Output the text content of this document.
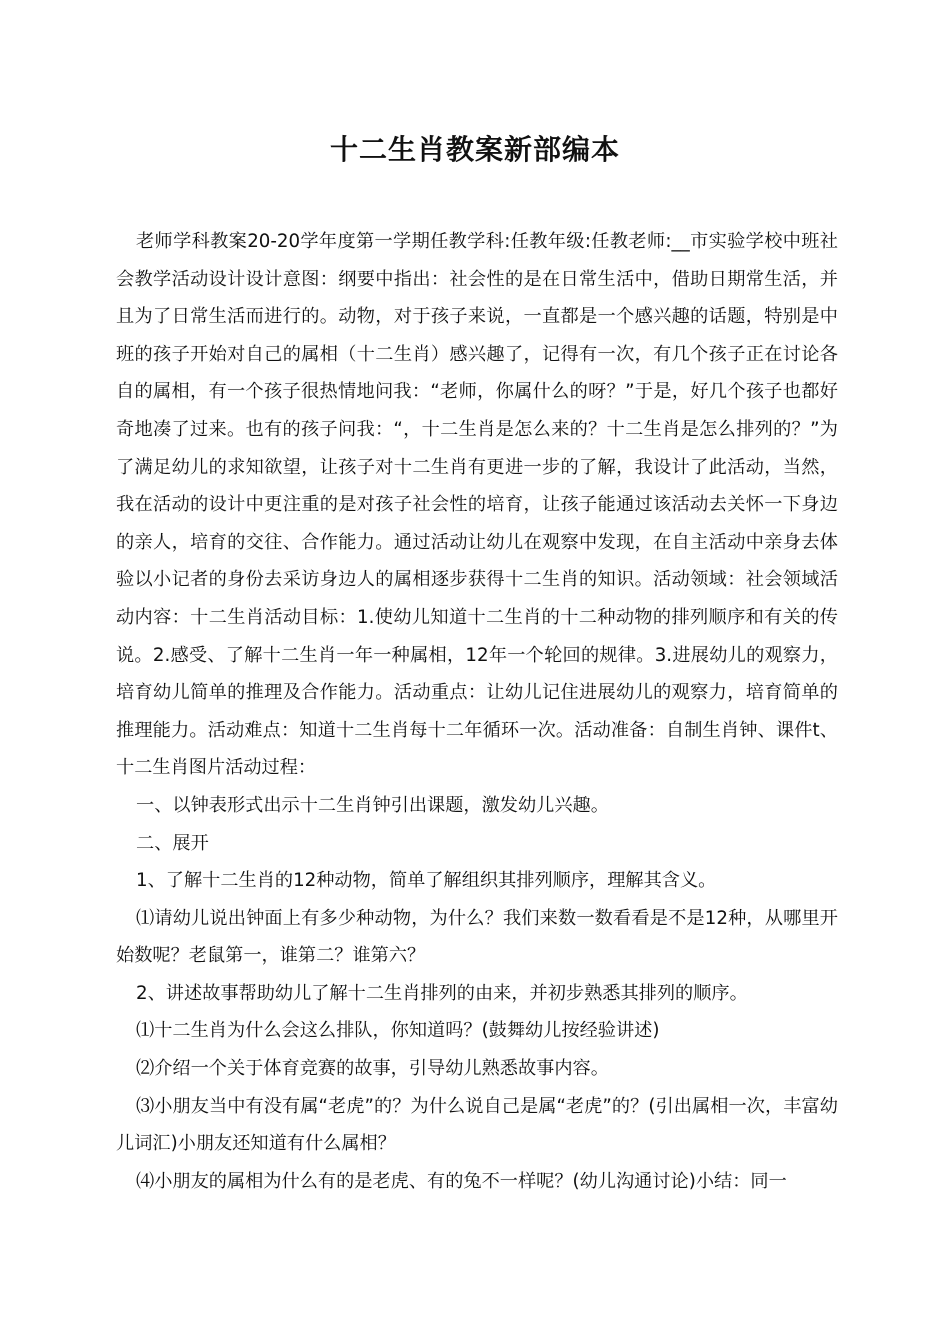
十二生肖教案新部编本

老师学科教案20-20学年度第一学期任教学科:任教年级:任教老师:__市实验学校中班社会教学活动设计设计意图：纲要中指出：社会性的是在日常生活中，借助日期常生活，并且为了日常生活而进行的。动物，对于孩子来说，一直都是一个感兴趣的话题，特别是中班的孩子开始对自己的属相（十二生肖）感兴趣了，记得有一次，有几个孩子正在讨论各自的属相，有一个孩子很热情地问我：“老师，你属什么的呀？”于是，好几个孩子也都好奇地凑了过来。也有的孩子问我：“，十二生肖是怎么来的？十二生肖是怎么排列的？”为了满足幼儿的求知欲望，让孩子对十二生肖有更进一步的了解，我设计了此活动，当然，我在活动的设计中更注重的是对孩子社会性的培育，让孩子能通过该活动去关怀一下身边的亲人，培育的交往、合作能力。通过活动让幼儿在观察中发现，在自主活动中亲身去体验以小记者的身份去采访身边人的属相逐步获得十二生肖的知识。活动领域：社会领域活动内容：十二生肖活动目标：1.使幼儿知道十二生肖的十二种动物的排列顺序和有关的传说。2.感受、了解十二生肖一年一种属相，12年一个轮回的规律。3.进展幼儿的观察力，培育幼儿简单的推理及合作能力。活动重点：让幼儿记住进展幼儿的观察力，培育简单的推理能力。活动难点：知道十二生肖每十二年循环一次。活动准备：自制生肖钟、课件t、十二生肖图片活动过程：

一、以钟表形式出示十二生肖钟引出课题，激发幼儿兴趣。

二、展开

1、了解十二生肖的12种动物，简单了解组织其排列顺序，理解其含义。

⑴请幼儿说出钟面上有多少种动物，为什么？我们来数一数看看是不是12种，从哪里开始数呢？老鼠第一，谁第二？谁第六？

2、讲述故事帮助幼儿了解十二生肖排列的由来，并初步熟悉其排列的顺序。

⑴十二生肖为什么会这么排队，你知道吗？(鼓舞幼儿按经验讲述)

⑵介绍一个关于体育竞赛的故事，引导幼儿熟悉故事内容。

⑶小朋友当中有没有属“老虎”的？为什么说自己是属“老虎”的？(引出属相一次，丰富幼儿词汇)小朋友还知道有什么属相？

⑷小朋友的属相为什么有的是老虎、有的兔不一样呢？(幼儿沟通讨论)小结：同一
